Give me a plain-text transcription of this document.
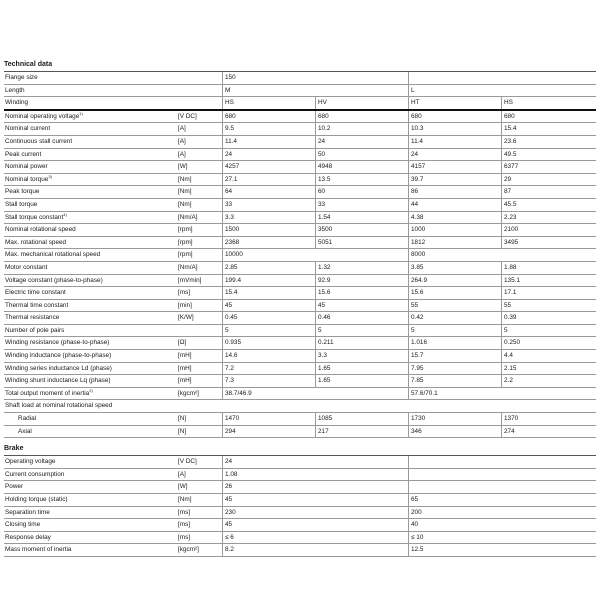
Technical data
Flange size	150
Length	M	L
Winding	HS	HV	HT	HS
Nominal operating voltage$^{1)}$	[V DC]	680	680	680	680
Nominal current	[A]	9.5	10.2	10.3	15.4
Continuous stall current	[A]	11.4	24	11.4	23.6
Peak current	[A]	24	50	24	49.5
Nominal power	[W]	4257	4948	4157	6377
Nominal torque$^{3)}$	[Nm]	27.1	13.5	39.7	29
Peak torque	[Nm]	64	60	86	87
Stall torque	[Nm]	33	33	44	45.5
Stall torque constant$^{4)}$	[Nm/A]	3.3	1.54	4.38	2.23
Nominal rotational speed	[rpm]	1500	3500	1000	2100
Max. rotational speed	[rpm]	2368	5051	1812	3495
Max. mechanical rotational speed	[rpm]	10000	8000
Motor constant	[Nm/A]	2.85	1.32	3.85	1.88
Voltage constant (phase-to-phase)	[mVmin]	199.4	92.9	264.9	135.1
Electric time constant	[ms]	15.4	15.6	15.6	17.1
Thermal time constant	[min]	45	45	55	55
Thermal resistance	[K/W]	0.45	0.46	0.42	0.39
Number of pole pairs	5	5	5	5
Winding resistance (phase-to-phase)	[Ω]	0.935	0.211	1.016	0.250
Winding inductance (phase-to-phase)	[mH]	14.6	3.3	15.7	4.4
Winding series inductance Ld (phase)	[mH]	7.2	1.65	7.95	2.15
Winding shunt inductance Lq (phase)	[mH]	7.3	1.65	7.85	2.2
Total output moment of inertia$^{2)}$	[kgcm²]	38.7/46.9	57.6/70.1
Shaft load at nominal rotational speed
Radial	[N]	1470	1085	1730	1370
Axial	[N]	294	217	346	274
Brake
Operating voltage	[V DC]	24
Current consumption	[A]	1.08
Power	[W]	26
Holding torque (static)	[Nm]	45	65
Separation time	[ms]	230	200
Closing time	[ms]	45	40
Response delay	[ms]	≤ 6	≤ 10
Mass moment of inertia	[kgcm²]	8.2	12.5
